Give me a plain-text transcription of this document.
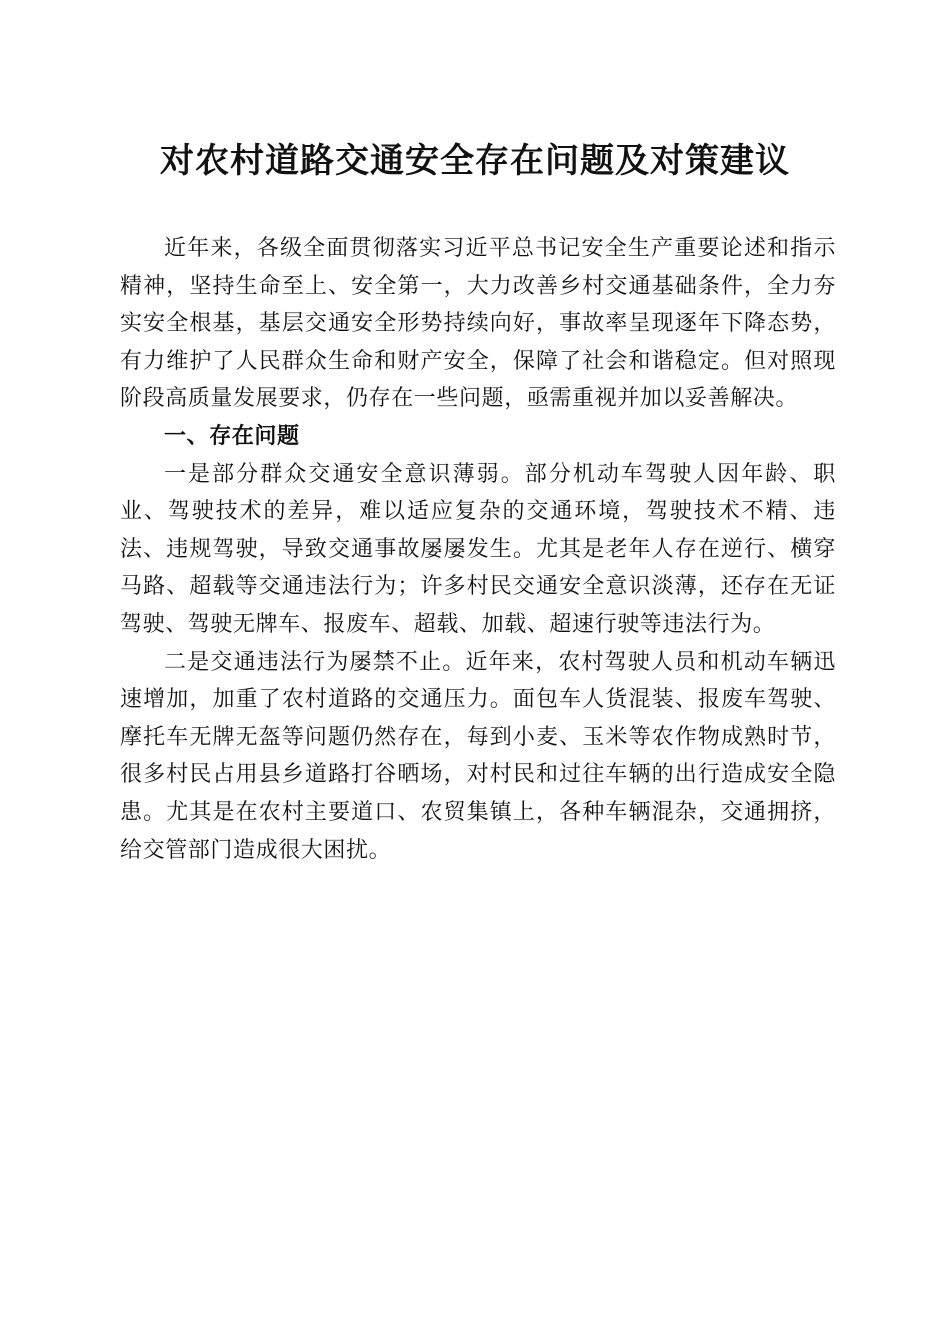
对农村道路交通安全存在问题及对策建议

近年来，各级全面贯彻落实习近平总书记安全生产重要论述和指示精神，坚持生命至上、安全第一，大力改善乡村交通基础条件，全力夯实安全根基，基层交通安全形势持续向好，事故率呈现逐年下降态势，有力维护了人民群众生命和财产安全，保障了社会和谐稳定。但对照现阶段高质量发展要求，仍存在一些问题，亟需重视并加以妥善解决。

一、存在问题

一是部分群众交通安全意识薄弱。部分机动车驾驶人因年龄、职业、驾驶技术的差异，难以适应复杂的交通环境，驾驶技术不精、违法、违规驾驶，导致交通事故屡屡发生。尤其是老年人存在逆行、横穿马路、超载等交通违法行为；许多村民交通安全意识淡薄，还存在无证驾驶、驾驶无牌车、报废车、超载、加载、超速行驶等违法行为。

二是交通违法行为屡禁不止。近年来，农村驾驶人员和机动车辆迅速增加，加重了农村道路的交通压力。面包车人货混装、报废车驾驶、摩托车无牌无盔等问题仍然存在，每到小麦、玉米等农作物成熟时节，很多村民占用县乡道路打谷晒场，对村民和过往车辆的出行造成安全隐患。尤其是在农村主要道口、农贸集镇上，各种车辆混杂，交通拥挤，给交管部门造成很大困扰。
